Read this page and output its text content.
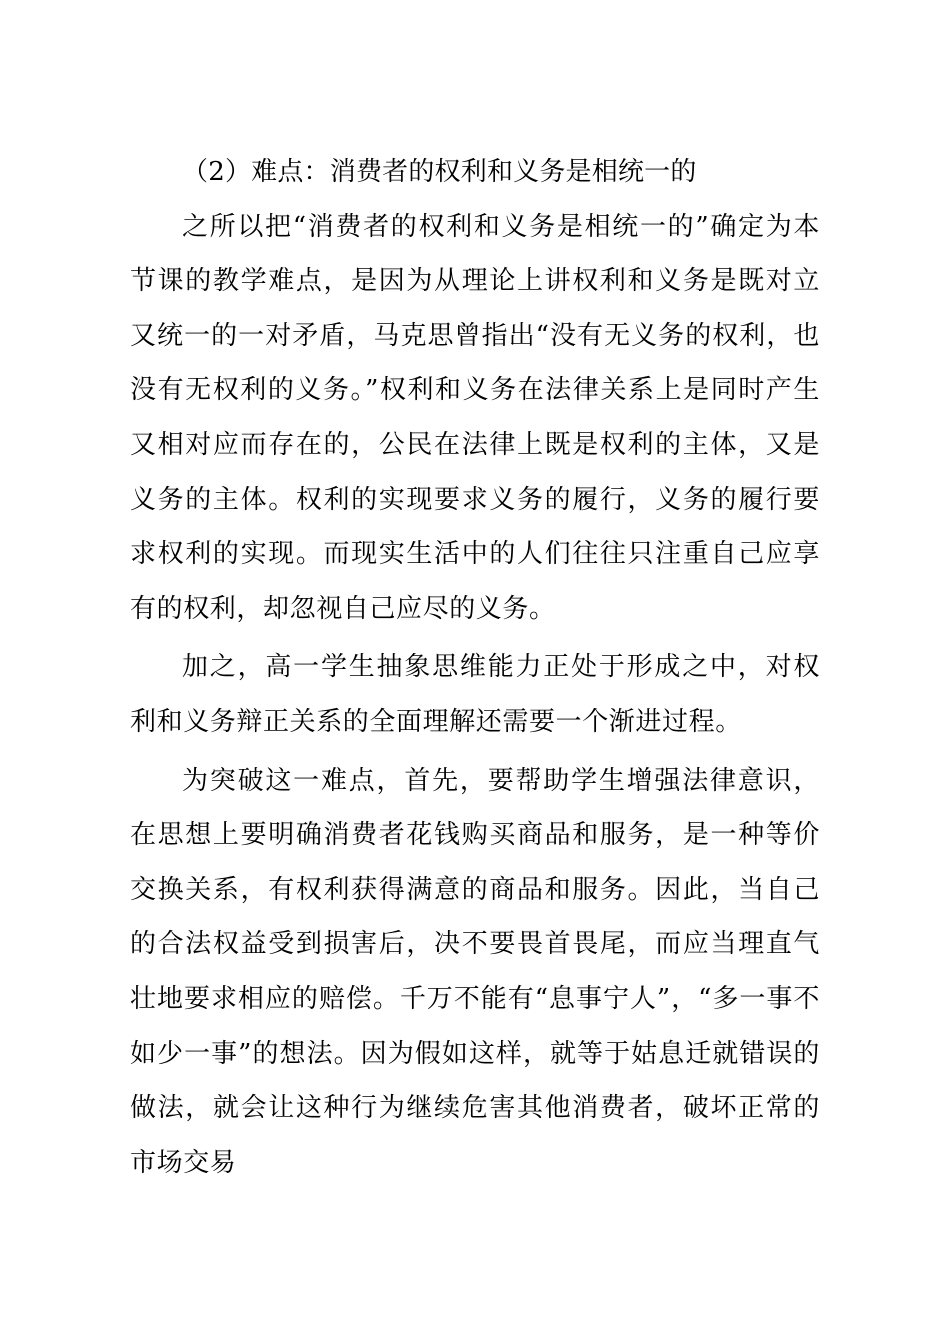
（2）难点：消费者的权利和义务是相统一的

之所以把“消费者的权利和义务是相统一的”确定为本节课的教学难点，是因为从理论上讲权利和义务是既对立又统一的一对矛盾，马克思曾指出“没有无义务的权利，也没有无权利的义务。”权利和义务在法律关系上是同时产生又相对应而存在的，公民在法律上既是权利的主体，又是义务的主体。权利的实现要求义务的履行，义务的履行要求权利的实现。而现实生活中的人们往往只注重自己应享有的权利，却忽视自己应尽的义务。

加之，高一学生抽象思维能力正处于形成之中，对权利和义务辩正关系的全面理解还需要一个渐进过程。

为突破这一难点，首先，要帮助学生增强法律意识，在思想上要明确消费者花钱购买商品和服务，是一种等价交换关系，有权利获得满意的商品和服务。因此，当自己的合法权益受到损害后，决不要畏首畏尾，而应当理直气壮地要求相应的赔偿。千万不能有“息事宁人”，“多一事不如少一事”的想法。因为假如这样，就等于姑息迁就错误的做法，就会让这种行为继续危害其他消费者，破坏正常的市场交易
